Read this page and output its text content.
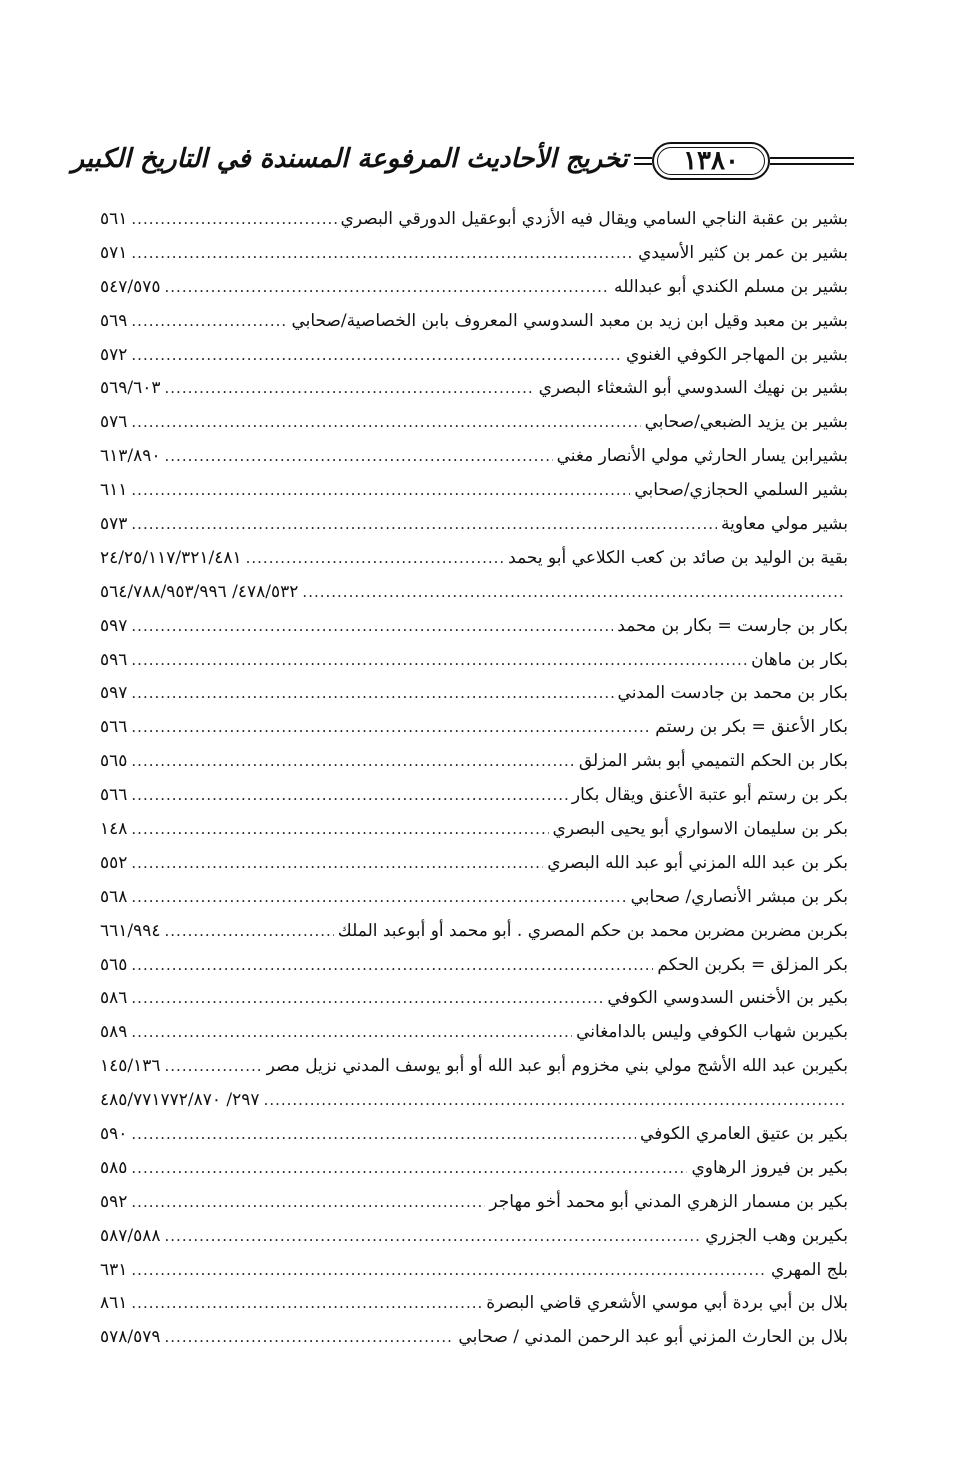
١٣٨٠
تخريج الأحاديث المرفوعة المسندة في التاريخ الكبير
بشير بن عقبة الناجي السامي ويقال فيه الأزدي أبوعقيل الدورقي البصري
.....
٥٦١
بشير بن عمر بن كثير الأسيدي
.....
٥٧١
بشير بن مسلم الكندي أبو عبدالله
.....
٥٤٧/٥٧٥
بشير بن معبد وقيل ابن زيد بن معبد السدوسي المعروف بابن الخصاصية/صحابي
.....
٥٦٩
بشير بن المهاجر الكوفي الغنوي
.....
٥٧٢
بشير بن نهيك السدوسي أبو الشعثاء البصري
.....
٥٦٩/٦٠٣
بشير بن يزيد الضبعي/صحابي
.....
٥٧٦
بشيرابن يسار الحارثي مولي الأنصار مغني
.....
٦١٣/٨٩٠
بشير السلمي الحجازي/صحابي
.....
٦١١
بشير مولي معاوية
.....
٥٧٣
بقية بن الوليد بن صائد بن كعب الكلاعي أبو يحمد
.....
٢٤/٢٥/١١٧/٣٢١/٤٨١
.....
٤٧٨/٥٣٢/ ٥٦٤/٧٨٨/٩٥٣/٩٩٦
بكار بن جارست = بكار بن محمد
.....
٥٩٧
بكار بن ماهان
.....
٥٩٦
بكار بن محمد بن جادست المدني
.....
٥٩٧
بكار الأعنق = بكر بن رستم
.....
٥٦٦
بكار بن الحكم التميمي أبو بشر المزلق
.....
٥٦٥
بكر بن رستم أبو عتبة الأعنق ويقال بكار
.....
٥٦٦
بكر بن سليمان الاسواري أبو يحيى البصري
.....
١٤٨
بكر بن عبد الله المزني أبو عبد الله البصري
.....
٥٥٢
بكر بن مبشر الأنصاري/ صحابي
.....
٥٦٨
بكربن مضربن مضربن محمد بن حكم المصري . أبو محمد أو أبوعبد الملك
.....
٦٦١/٩٩٤
بكر المزلق = بكربن الحكم
.....
٥٦٥
بكير بن الأخنس السدوسي الكوفي
.....
٥٨٦
بكيربن شهاب الكوفي وليس بالدامغاني
.....
٥٨٩
بكيربن عبد الله الأشج مولي بني مخزوم أبو عبد الله أو أبو يوسف المدني نزيل مصر
.....
١٤٥/١٣٦
.....
٢٩٧/ ٤٨٥/٧٧١٧٧٢/٨٧٠
بكير بن عتيق العامري الكوفي
.....
٥٩٠
بكير بن فيروز الرهاوي
.....
٥٨٥
بكير بن مسمار الزهري المدني أبو محمد أخو مهاجر
.....
٥٩٢
بكيربن وهب الجزري
.....
٥٨٧/٥٨٨
بلج المهري
.....
٦٣١
بلال بن أبي بردة أبي موسي الأشعري قاضي البصرة
.....
٨٦١
بلال بن الحارث المزني أبو عبد الرحمن المدني / صحابي
.....
٥٧٨/٥٧٩
